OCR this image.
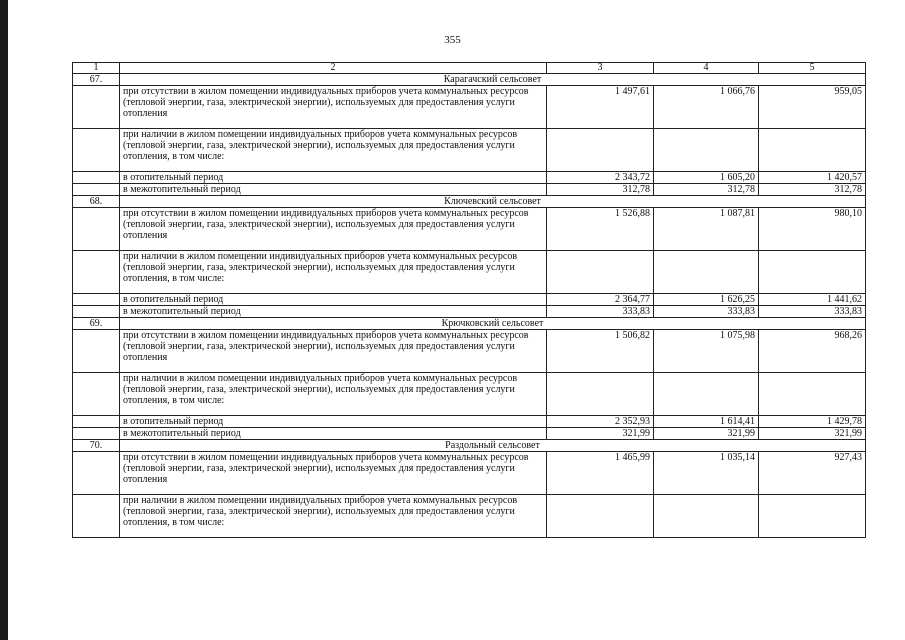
355
1	2	3	4	5
67.	Карагачский сельсовет			
	при отсутствии в жилом помещении индивидуальных приборов учета коммунальных ресурсов (тепловой энергии, газа, электрической энергии), используемых для предоставления услуги отопления	1 497,61	1 066,76	959,05
	при наличии в жилом помещении индивидуальных приборов учета коммунальных ресурсов (тепловой энергии, газа, электрической энергии), используемых для предоставления услуги отопления, в том числе:			
	в отопительный период	2 343,72	1 605,20	1 420,57
	в межотопительный период	312,78	312,78	312,78
68.	Ключевский сельсовет			
	при отсутствии в жилом помещении индивидуальных приборов учета коммунальных ресурсов (тепловой энергии, газа, электрической энергии), используемых для предоставления услуги отопления	1 526,88	1 087,81	980,10
	при наличии в жилом помещении индивидуальных приборов учета коммунальных ресурсов (тепловой энергии, газа, электрической энергии), используемых для предоставления услуги отопления, в том числе:			
	в отопительный период	2 364,77	1 626,25	1 441,62
	в межотопительный период	333,83	333,83	333,83
69.	Крючковский сельсовет			
	при отсутствии в жилом помещении индивидуальных приборов учета коммунальных ресурсов (тепловой энергии, газа, электрической энергии), используемых для предоставления услуги отопления	1 506,82	1 075,98	968,26
	при наличии в жилом помещении индивидуальных приборов учета коммунальных ресурсов (тепловой энергии, газа, электрической энергии), используемых для предоставления услуги отопления, в том числе:			
	в отопительный период	2 352,93	1 614,41	1 429,78
	в межотопительный период	321,99	321,99	321,99
70.	Раздольный сельсовет			
	при отсутствии в жилом помещении индивидуальных приборов учета коммунальных ресурсов (тепловой энергии, газа, электрической энергии), используемых для предоставления услуги отопления	1 465,99	1 035,14	927,43
	при наличии в жилом помещении индивидуальных приборов учета коммунальных ресурсов (тепловой энергии, газа, электрической энергии), используемых для предоставления услуги отопления, в том числе:			
